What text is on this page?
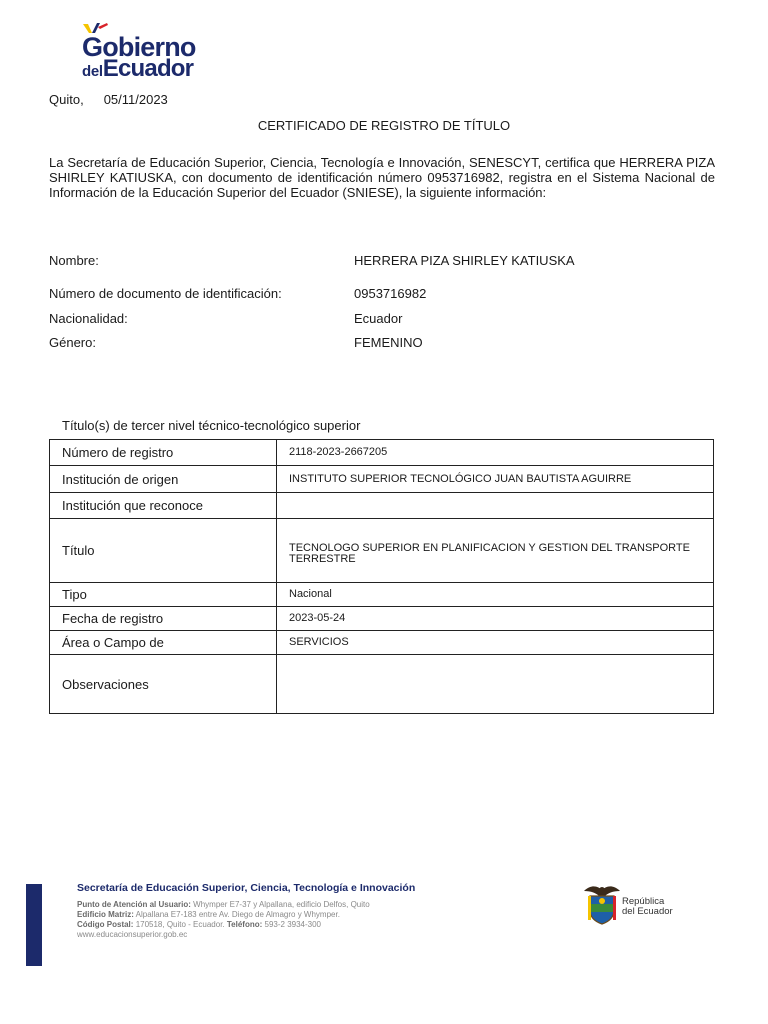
Gobierno
delEcuador
Quito, 05/11/2023
CERTIFICADO DE REGISTRO DE TÍTULO
La Secretaría de Educación Superior, Ciencia, Tecnología e Innovación, SENESCYT, certifica que HERRERA PIZA SHIRLEY KATIUSKA, con documento de identificación número 0953716982, registra en el Sistema Nacional de Información de la Educación Superior del Ecuador (SNIESE), la siguiente información:
Nombre:	HERRERA PIZA SHIRLEY KATIUSKA
Número de documento de identificación:	0953716982
Nacionalidad:	Ecuador
Género:	FEMENINO
Título(s) de tercer nivel técnico-tecnológico superior
Número de registro	2118-2023-2667205
Institución de origen	INSTITUTO SUPERIOR TECNOLÓGICO JUAN BAUTISTA AGUIRRE
Institución que reconoce	
Título	TECNOLOGO SUPERIOR EN PLANIFICACION Y GESTION DEL TRANSPORTE TERRESTRE
Tipo	Nacional
Fecha de registro	2023-05-24
Área o Campo de	SERVICIOS
Observaciones	
Secretaría de Educación Superior, Ciencia, Tecnología e Innovación
Punto de Atención al Usuario: Whymper E7-37 y Alpallana, edificio Delfos, Quito
Edificio Matriz: Alpallana E7-183 entre Av. Diego de Almagro y Whymper.
Código Postal: 170518, Quito - Ecuador. Teléfono: 593-2 3934-300
www.educacionsuperior.gob.ec
República
del Ecuador
